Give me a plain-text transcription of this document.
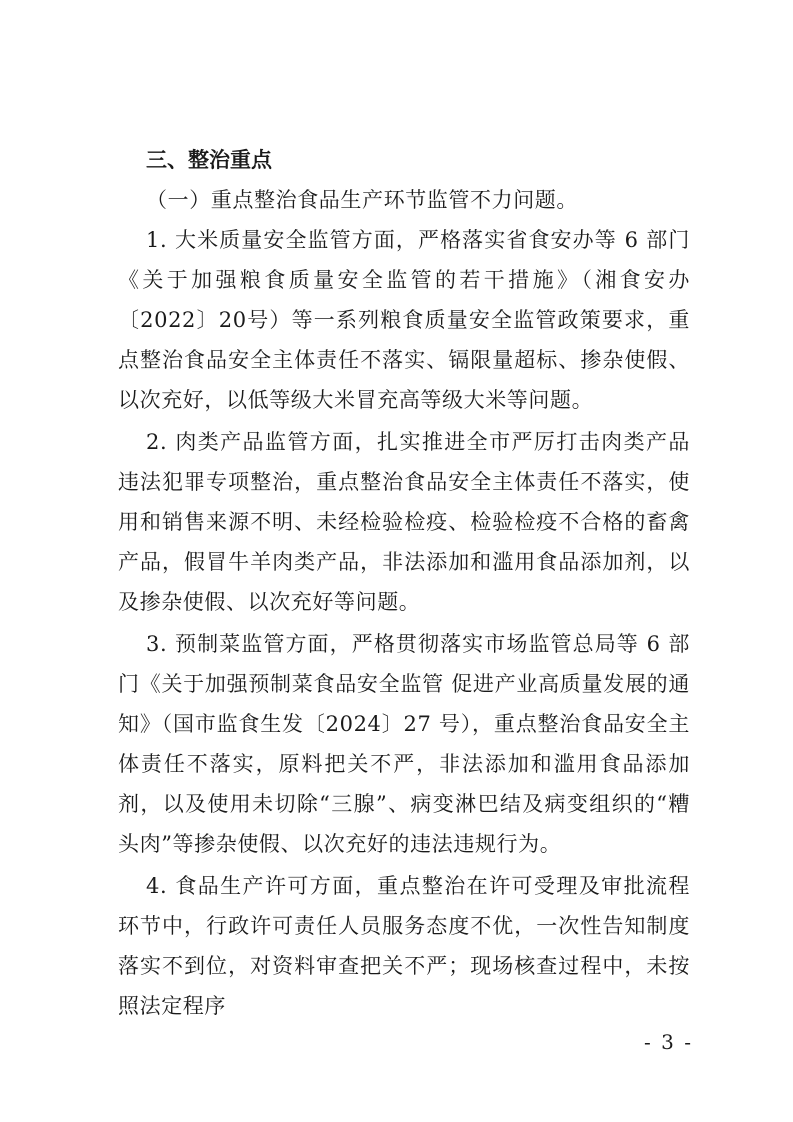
三、整治重点
（一）重点整治食品生产环节监管不力问题。

1. 大米质量安全监管方面，严格落实省食安办等 6 部门《关于加强粮食质量安全监管的若干措施》（湘食安办〔2022〕20号）等一系列粮食质量安全监管政策要求，重点整治食品安全主体责任不落实、镉限量超标、掺杂使假、以次充好，以低等级大米冒充高等级大米等问题。

2. 肉类产品监管方面，扎实推进全市严厉打击肉类产品违法犯罪专项整治，重点整治食品安全主体责任不落实，使用和销售来源不明、未经检验检疫、检验检疫不合格的畜禽产品，假冒牛羊肉类产品，非法添加和滥用食品添加剂，以及掺杂使假、以次充好等问题。

3. 预制菜监管方面，严格贯彻落实市场监管总局等 6 部门《关于加强预制菜食品安全监管 促进产业高质量发展的通知》（国市监食生发〔2024〕27 号），重点整治食品安全主体责任不落实，原料把关不严，非法添加和滥用食品添加剂，以及使用未切除“三腺”、病变淋巴结及病变组织的“糟头肉”等掺杂使假、以次充好的违法违规行为。

4. 食品生产许可方面，重点整治在许可受理及审批流程环节中，行政许可责任人员服务态度不优，一次性告知制度落实不到位，对资料审查把关不严；现场核查过程中，未按照法定程序

- 3 -
